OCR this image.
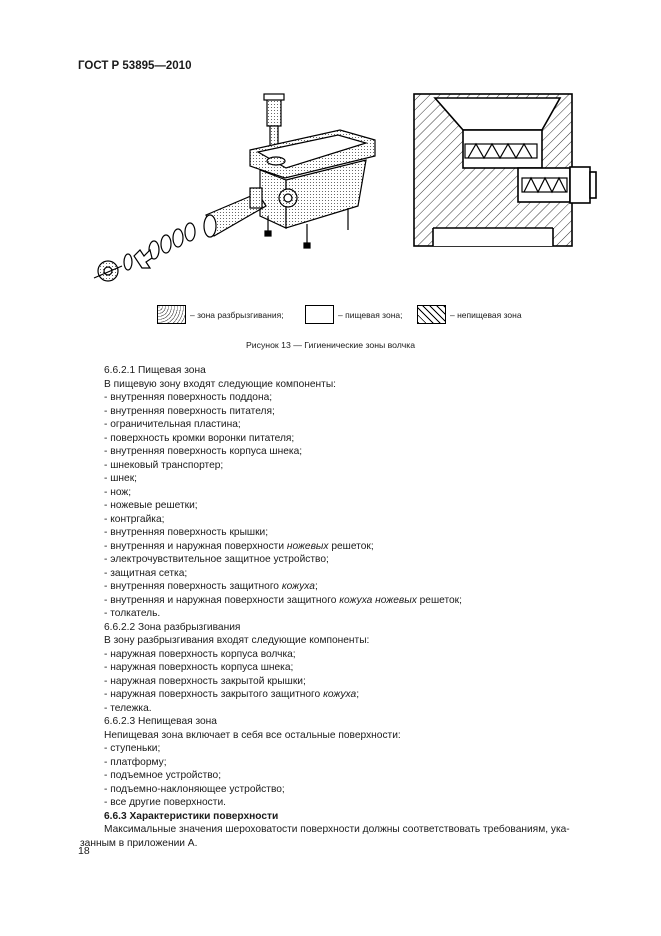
ГОСТ Р 53895—2010
– зона разбрызгивания;	– пищевая зона;	– непищевая зона
Рисунок 13 — Гигиенические зоны волчка
6.6.2.1 Пищевая зона
В пищевую зону входят следующие компоненты:
- внутренняя поверхность поддона;
- внутренняя поверхность питателя;
- ограничительная пластина;
- поверхность кромки воронки питателя;
- внутренняя поверхность корпуса шнека;
- шнековый транспортер;
- шнек;
- нож;
- ножевые решетки;
- контргайка;
- внутренняя поверхность крышки;
- внутренняя и наружная поверхности ножевых решеток;
- электрочувствительное защитное устройство;
- защитная сетка;
- внутренняя поверхность защитного кожуха;
- внутренняя и наружная поверхности защитного кожуха ножевых решеток;
- толкатель.
6.6.2.2 Зона разбрызгивания
В зону разбрызгивания входят следующие компоненты:
- наружная поверхность корпуса волчка;
- наружная поверхность корпуса шнека;
- наружная поверхность закрытой крышки;
- наружная поверхность закрытого защитного кожуха;
- тележка.
6.6.2.3 Непищевая зона
Непищевая зона включает в себя все остальные поверхности:
- ступеньки;
- платформу;
- подъемное устройство;
- подъемно-наклоняющее устройство;
- все другие поверхности.
6.6.3 Характеристики поверхности
Максимальные значения шероховатости поверхности должны соответствовать требованиям, ука-
занным в приложении А.
18
